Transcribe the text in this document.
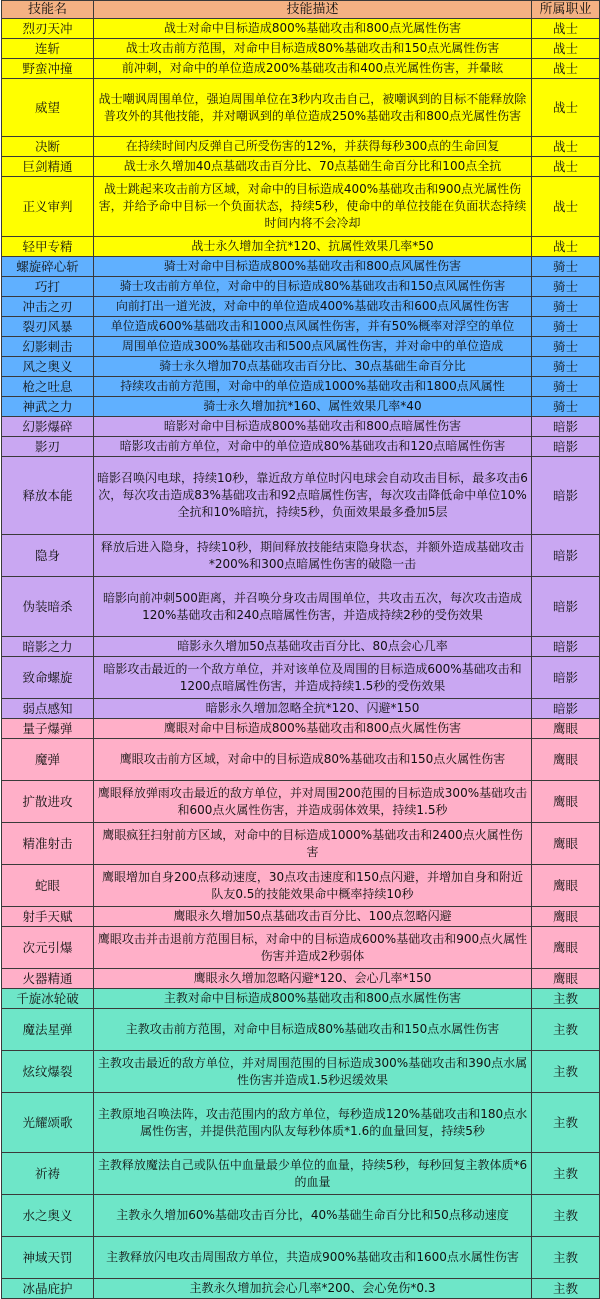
技能名	技能描述	所属职业
烈刃天冲	战士对命中目标造成800%基础攻击和800点光属性伤害	战士
连斩	战士攻击前方范围，对命中目标造成80%基础攻击和150点光属性伤害	战士
野蛮冲撞	前冲刺，对命中的单位造成200%基础攻击和400点光属性伤害，并暈眩	战士
威望	战士嘲讽周围单位，强迫周围单位在3秒内攻击自己，被嘲讽到的目标不能释放除普攻外的其他技能，并对嘲讽到的单位造成250%基础攻击和800点光属性伤害	战士
决断	在持续时间内反弹自己所受伤害的12%，并获得每秒300点的生命回复	战士
巨剑精通	战士永久增加40点基础攻击百分比、70点基础生命百分比和100点全抗	战士
正义审判	战士跳起来攻击前方区域，对命中的目标造成400%基础攻击和900点光属性伤害，并给予命中目标一个负面状态，持续5秒，使命中的单位技能在负面状态持续时间内将不会冷却	战士
轻甲专精	战士永久增加全抗*120、抗属性效果几率*50	战士
螺旋碎心斩	骑士对命中目标造成800%基础攻击和800点风属性伤害	骑士
巧打	骑士攻击前方单位，对命中的目标造成80%基础攻击和150点风属性伤害	骑士
冲击之刃	向前打出一道光波，对命中的单位造成400%基础攻击和600点风属性伤害	骑士
裂刃风暴	单位造成600%基础攻击和1000点风属性伤害，并有50%概率对浮空的单位	骑士
幻影刺击	周围单位造成300%基础攻击和500点风属性伤害，并对命中的单位造成	骑士
风之奥义	骑士永久增加70点基础攻击百分比、30点基础生命百分比	骑士
枪之吐息	持续攻击前方范围，对命中的单位造成1000%基础攻击和1800点风属性	骑士
神武之力	骑士永久增加抗*160、属性效果几率*40	骑士
幻影爆碎	暗影对命中目标造成800%基础攻击和800点暗属性伤害	暗影
影刃	暗影攻击前方单位，对命中的单位造成80%基础攻击和120点暗属性伤害	暗影
释放本能	暗影召唤闪电球，持续10秒，靠近敌方单位时闪电球会自动攻击目标，最多攻击6次，每次攻击造成83%基础攻击和92点暗属性伤害，每次攻击降低命中单位10%全抗和10%暗抗，持续5秒，负面效果最多叠加5层	暗影
隐身	释放后进入隐身，持续10秒，期间释放技能结束隐身状态，并额外造成基础攻击*200%和300点暗属性伤害的破隐一击	暗影
伪装暗杀	暗影向前冲刺500距离，并召唤分身攻击周围单位，共攻击五次，每次攻击造成120%基础攻击和240点暗属性伤害，并造成持续2秒的受伤效果	暗影
暗影之力	暗影永久增加50点基础攻击百分比、80点会心几率	暗影
致命螺旋	暗影攻击最近的一个敌方单位，并对该单位及周围的目标造成600%基础攻击和1200点暗属性伤害，并造成持续1.5秒的受伤效果	暗影
弱点感知	暗影永久增加忽略全抗*120、闪避*150	暗影
量子爆弹	鹰眼对命中目标造成800%基础攻击和800点火属性伤害	鹰眼
魔弹	鹰眼攻击前方区域，对命中的目标造成80%基础攻击和150点火属性伤害	鹰眼
扩散进攻	鹰眼释放弹雨攻击最近的敌方单位，并对周围200范围的目标造成300%基础攻击和600点火属性伤害，并造成弱体效果，持续1.5秒	鹰眼
精准射击	鹰眼疯狂扫射前方区域，对命中的目标造成1000%基础攻击和2400点火属性伤害	鹰眼
蛇眼	鹰眼增加自身200点移动速度，30点攻击速度和150点闪避，并增加自身和附近队友0.5的技能效果命中概率持续10秒	鹰眼
射手天赋	鹰眼永久增加50点基础攻击百分比、100点忽略闪避	鹰眼
次元引爆	鹰眼攻击并击退前方范围目标，对命中的目标造成600%基础攻击和900点火属性伤害并造成2秒弱体	鹰眼
火器精通	鹰眼永久增加忽略闪避*120、会心几率*150	鹰眼
千旋冰轮破	主教对命中目标造成800%基础攻击和800点水属性伤害	主教
魔法星弹	主教攻击前方范围，对命中目标造成80%基础攻击和150点水属性伤害	主教
炫纹爆裂	主教攻击最近的敌方单位，并对周围范围的目标造成300%基础攻击和390点水属性伤害并造成1.5秒迟缓效果	主教
光耀颂歌	主教原地召唤法阵，攻击范围内的敌方单位，每秒造成120%基础攻击和180点水属性伤害，并提供范围内队友每秒体质*1.6的血量回复，持续5秒	主教
祈祷	主教释放魔法自己或队伍中血量最少单位的血量，持续5秒，每秒回复主教体质*6的血量	主教
水之奥义	主教永久增加60%基础攻击百分比，40%基础生命百分比和50点移动速度	主教
神域天罚	主教释放闪电攻击周围敌方单位，共造成900%基础攻击和1600点水属性伤害	主教
冰晶庇护	主教永久增加抗会心几率*200、会心免伤*0.3	主教
